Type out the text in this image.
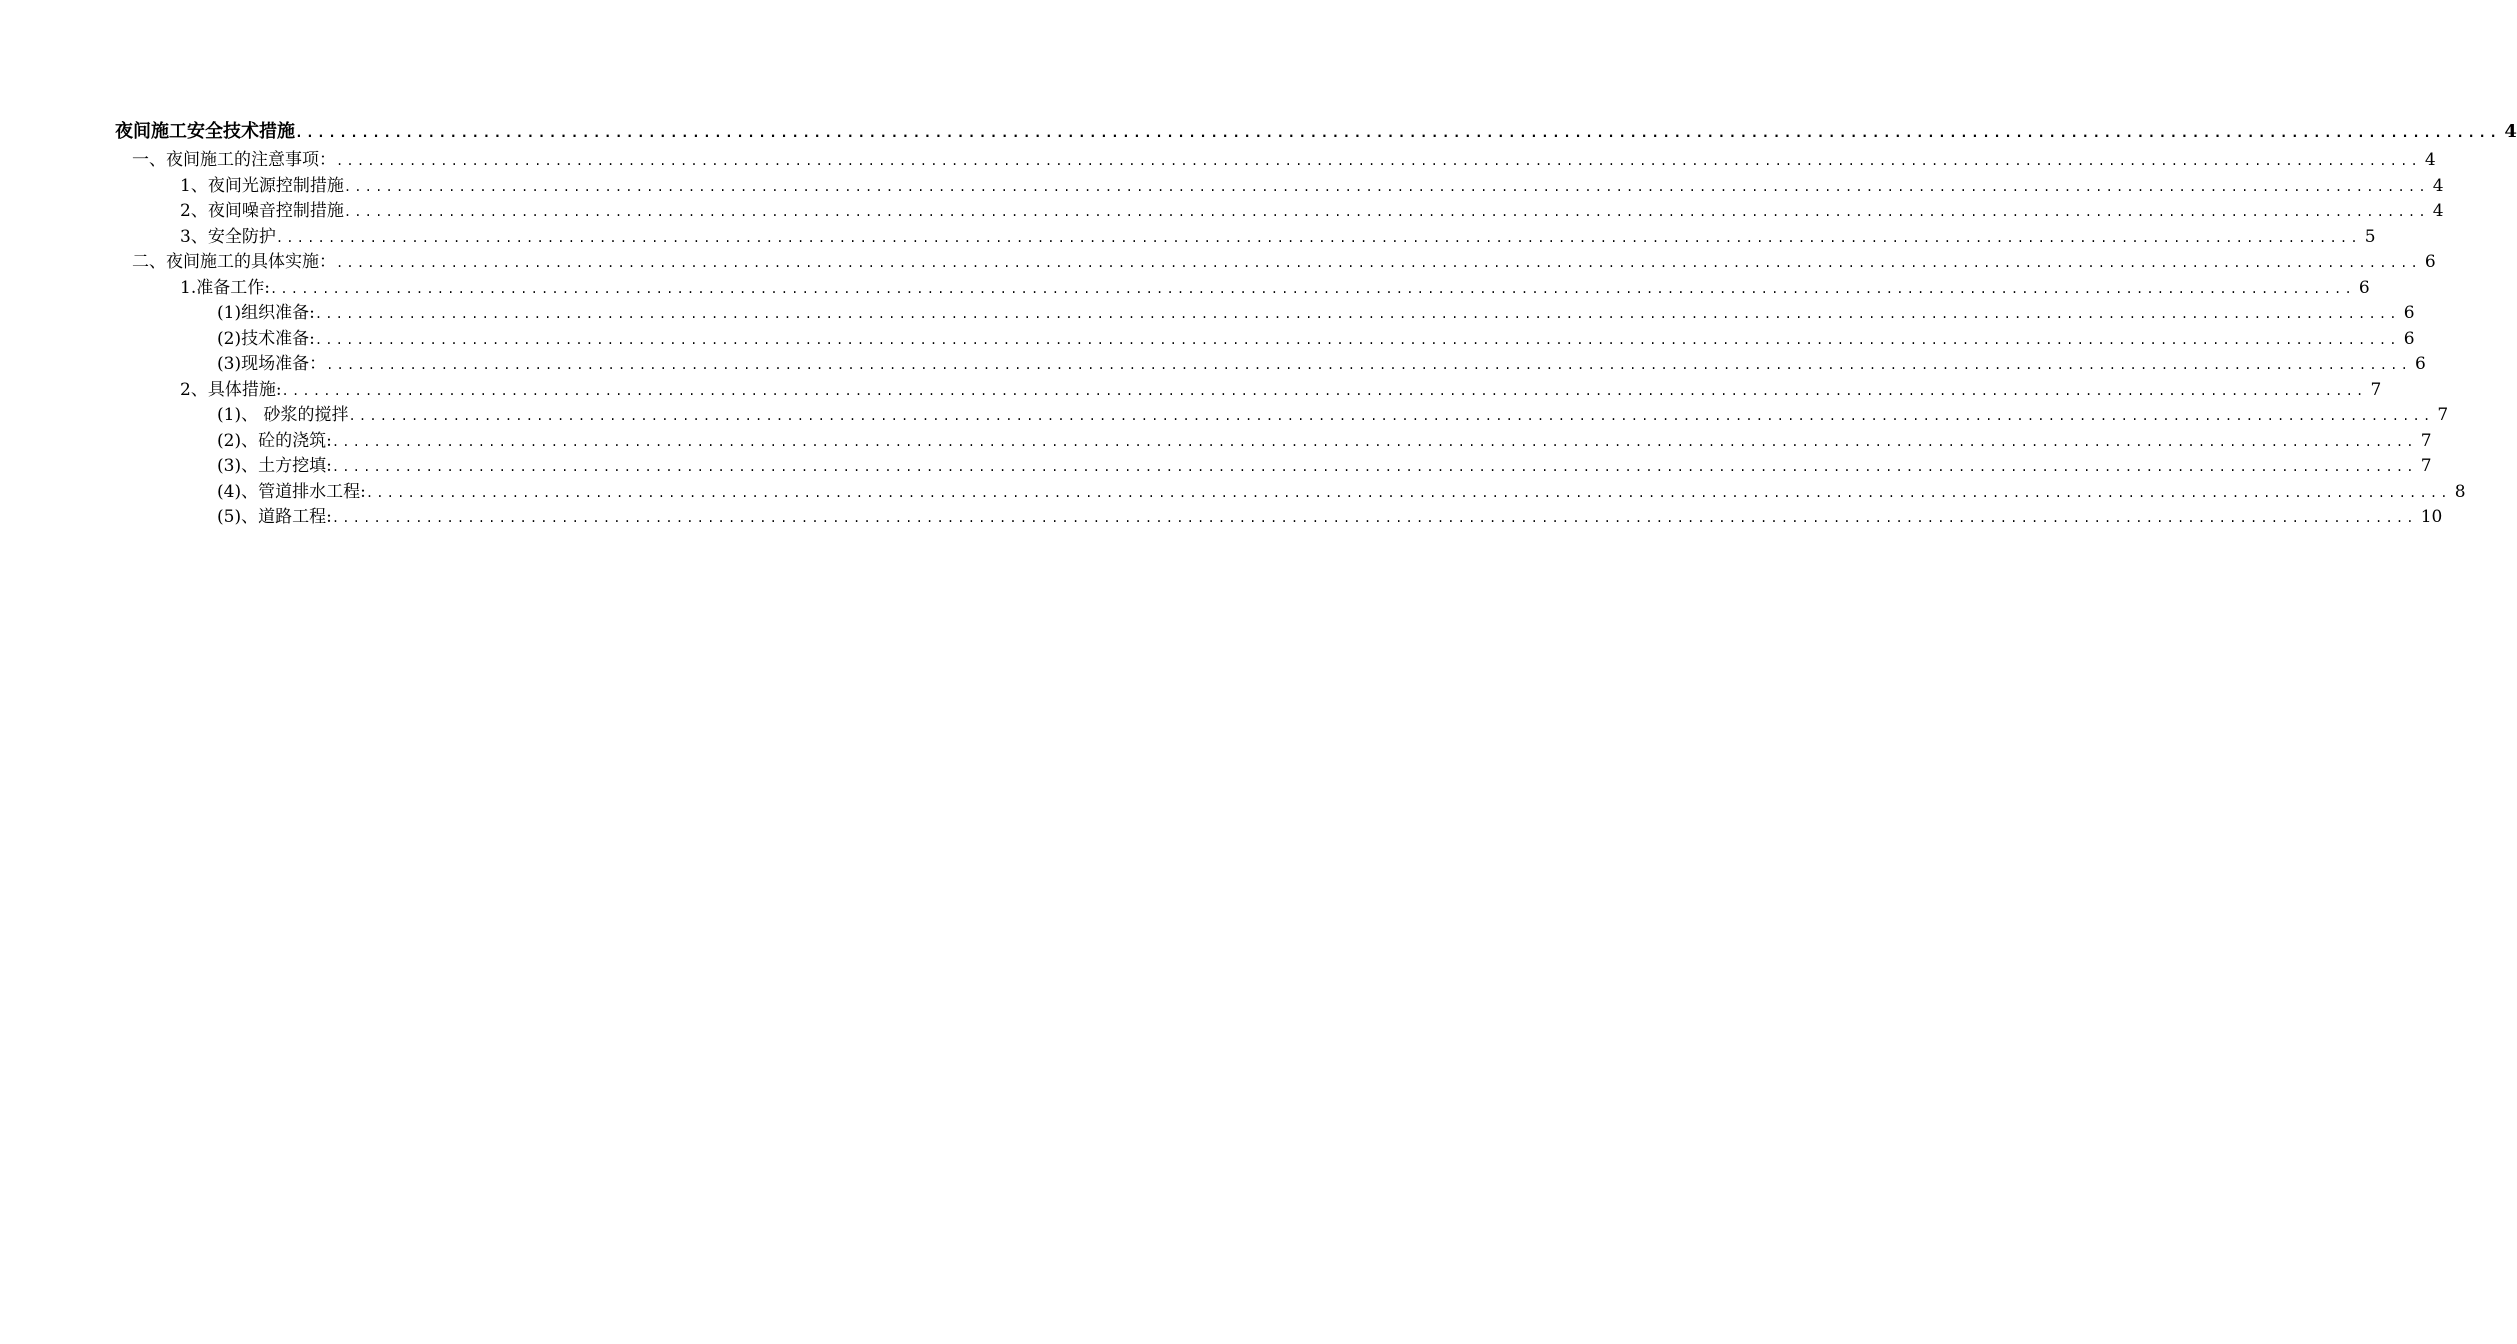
夜间施工安全技术措施 ........................................................................................................................................................................................................ 4
一、夜间施工的注意事项： ........................................................................................................................................................................................................ 4
1、夜间光源控制措施 ........................................................................................................................................................................................................ 4
2、夜间噪音控制措施 ........................................................................................................................................................................................................ 4
3、安全防护 ........................................................................................................................................................................................................ 5
二、夜间施工的具体实施： ........................................................................................................................................................................................................ 6
1.准备工作: ........................................................................................................................................................................................................ 6
(1)组织准备: ........................................................................................................................................................................................................ 6
(2)技术准备: ........................................................................................................................................................................................................ 6
(3)现场准备： ........................................................................................................................................................................................................ 6
2、具体措施: ........................................................................................................................................................................................................ 7
(1)、 砂浆的搅拌 ........................................................................................................................................................................................................ 7
(2)、砼的浇筑: ........................................................................................................................................................................................................ 7
(3)、土方挖填: ........................................................................................................................................................................................................ 7
(4)、管道排水工程: ........................................................................................................................................................................................................ 8
(5)、道路工程: ........................................................................................................................................................................................................ 10
